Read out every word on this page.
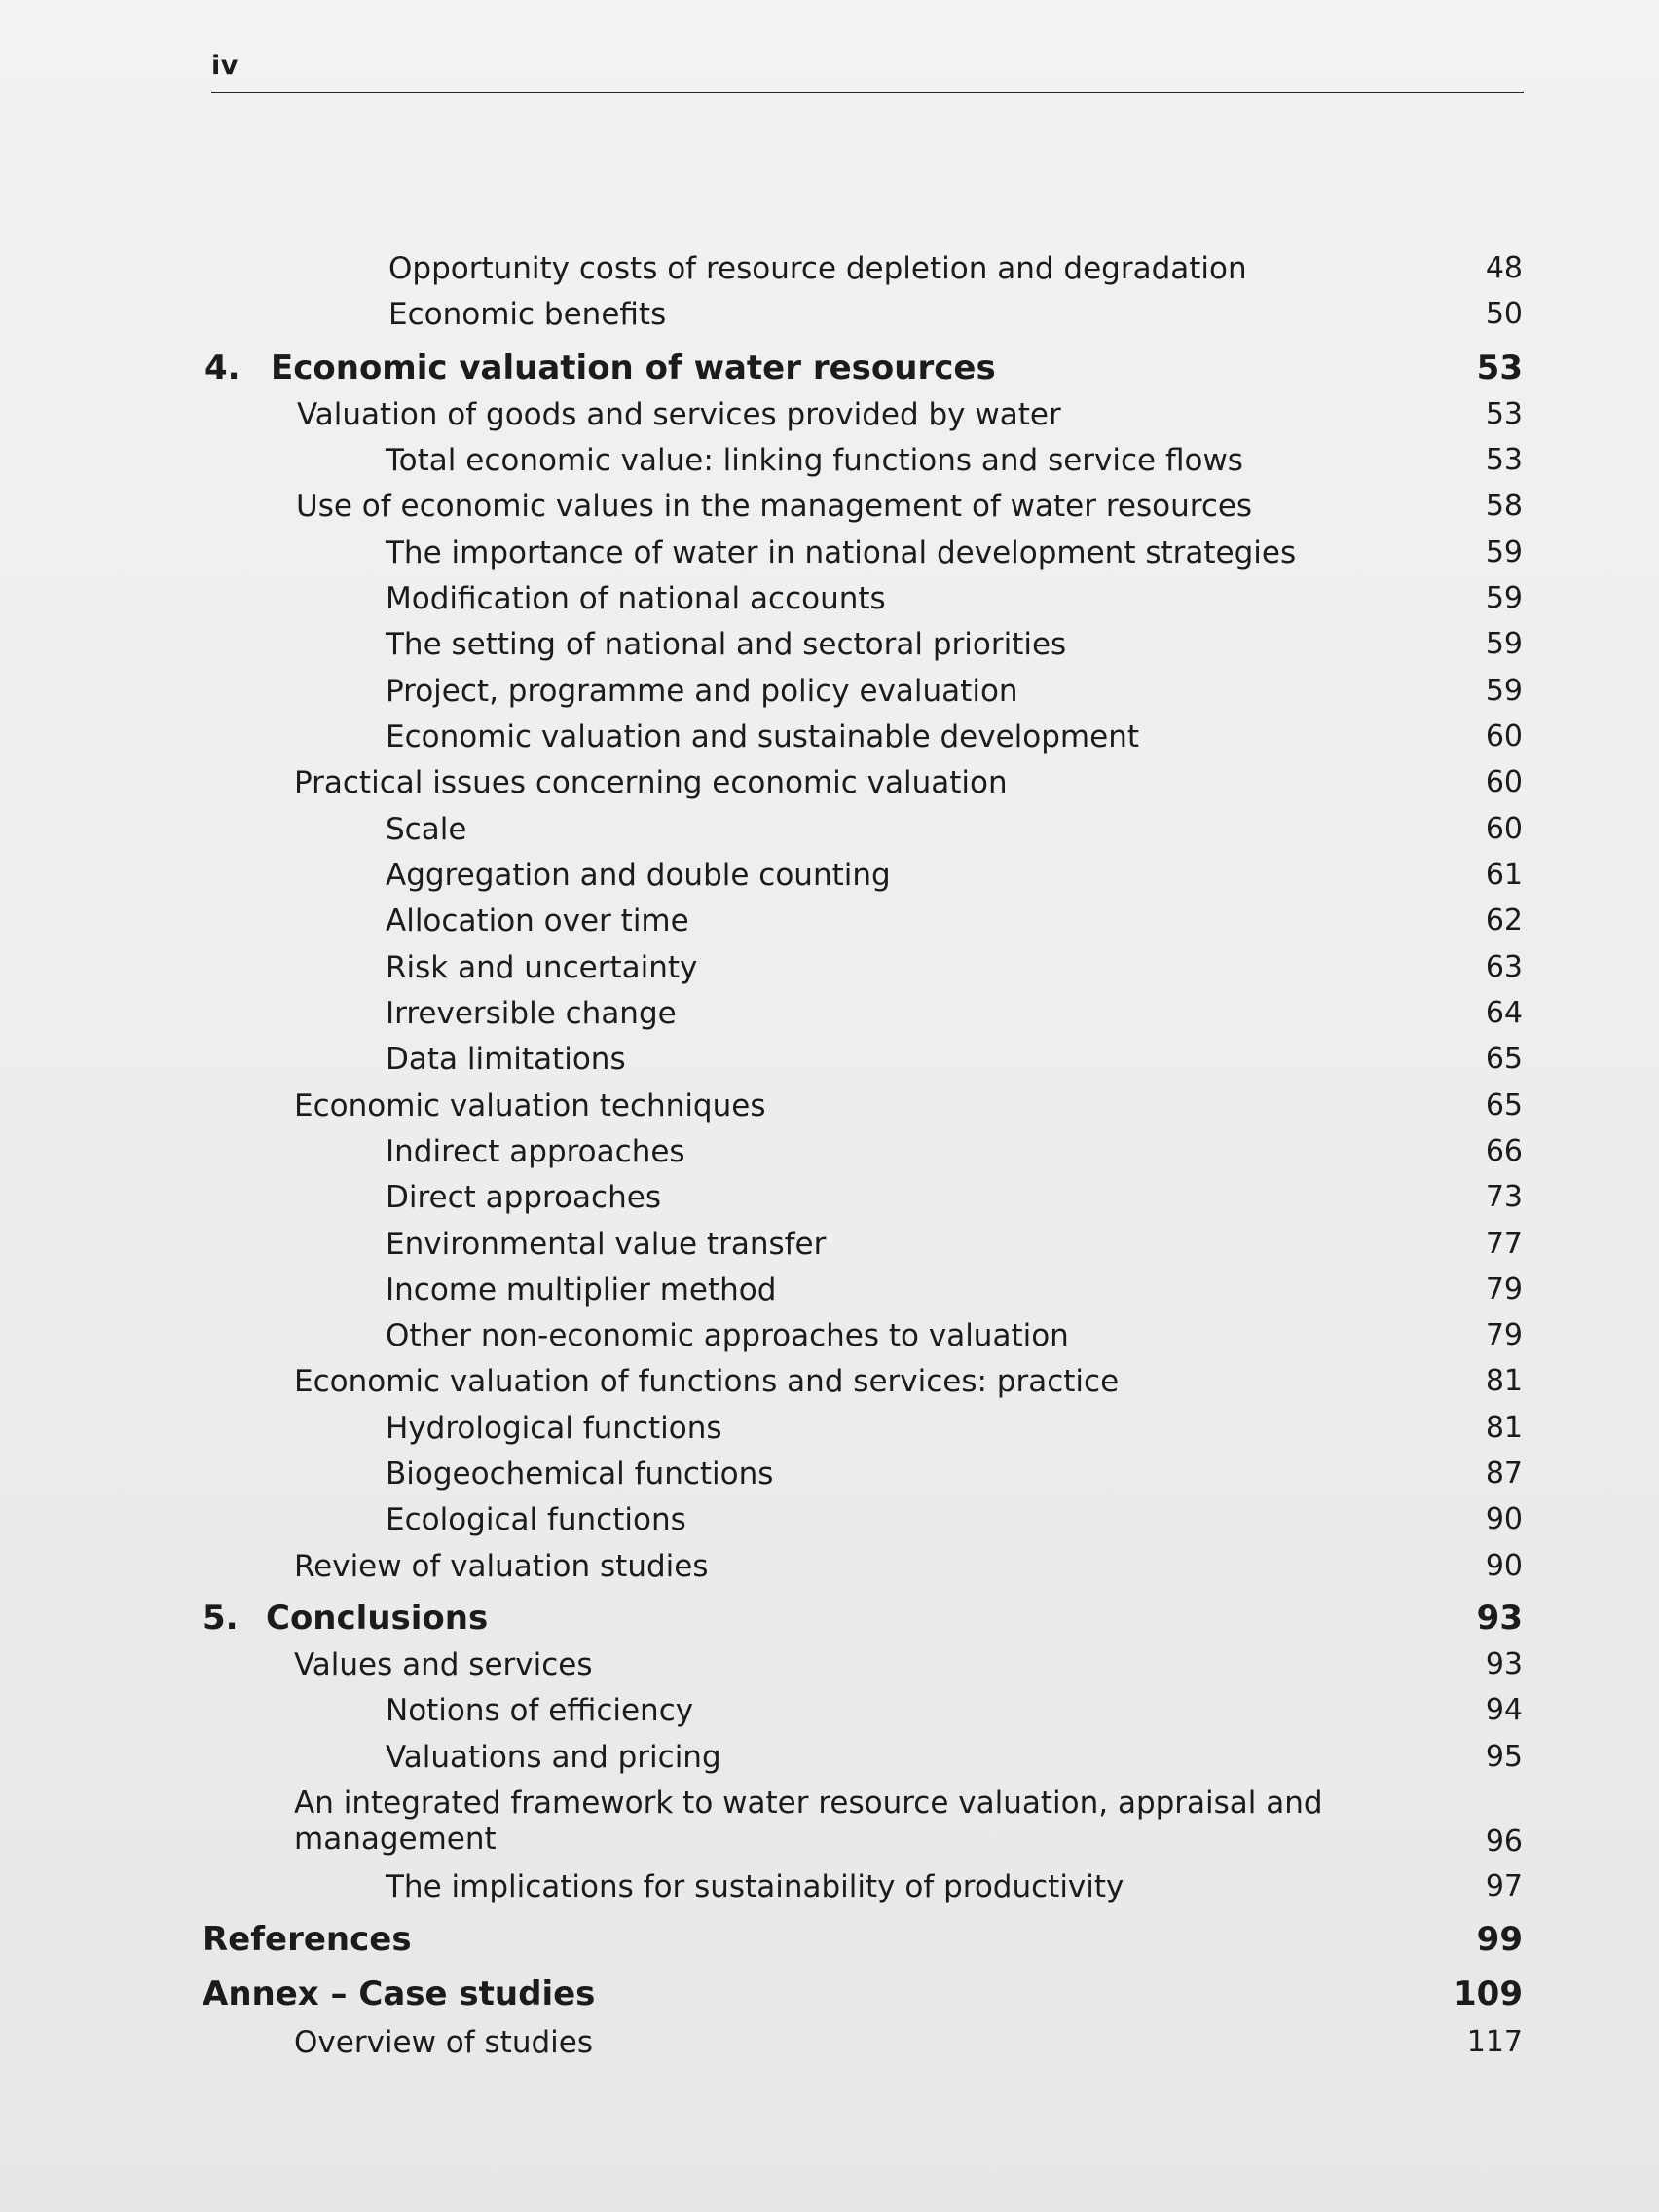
iv
Opportunity costs of resource depletion and degradation	48
Economic benefits	50
4. Economic valuation of water resources	53
Valuation of goods and services provided by water	53
Total economic value: linking functions and service flows	53
Use of economic values in the management of water resources	58
The importance of water in national development strategies	59
Modification of national accounts	59
The setting of national and sectoral priorities	59
Project, programme and policy evaluation	59
Economic valuation and sustainable development	60
Practical issues concerning economic valuation	60
Scale	60
Aggregation and double counting	61
Allocation over time	62
Risk and uncertainty	63
Irreversible change	64
Data limitations	65
Economic valuation techniques	65
Indirect approaches	66
Direct approaches	73
Environmental value transfer	77
Income multiplier method	79
Other non-economic approaches to valuation	79
Economic valuation of functions and services: practice	81
Hydrological functions	81
Biogeochemical functions	87
Ecological functions	90
Review of valuation studies	90
5. Conclusions	93
Values and services	93
Notions of efficiency	94
Valuations and pricing	95
An integrated framework to water resource valuation, appraisal and
management	96
The implications for sustainability of productivity	97
References	99
Annex – Case studies	109
Overview of studies	117
